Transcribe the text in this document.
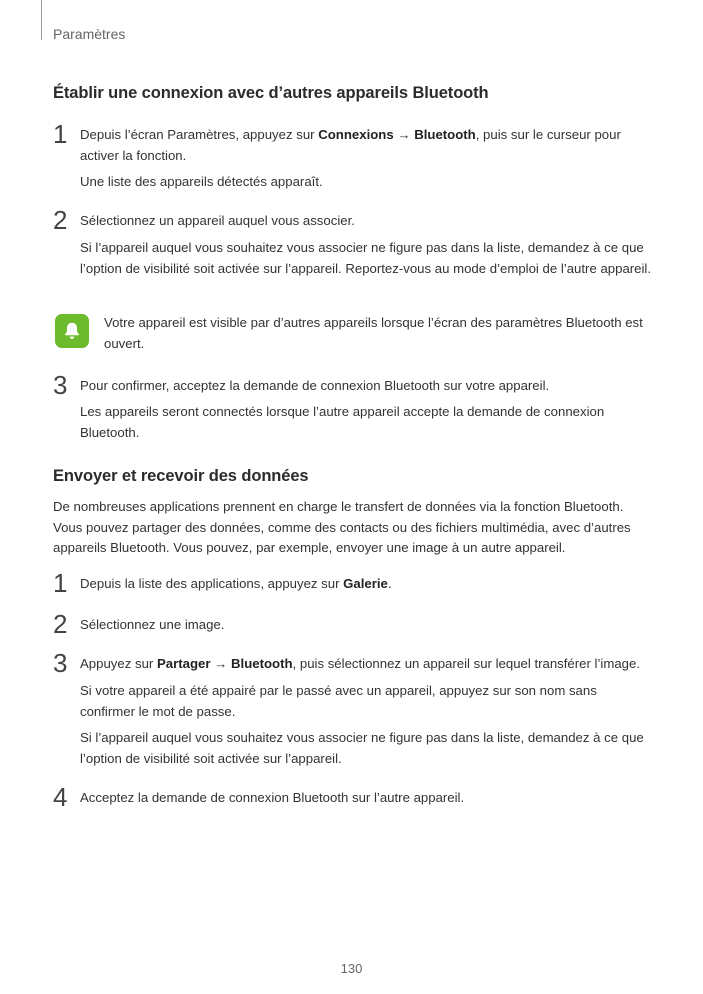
Paramètres
Établir une connexion avec d’autres appareils Bluetooth
1 Depuis l’écran Paramètres, appuyez sur Connexions → Bluetooth, puis sur le curseur pour activer la fonction.
Une liste des appareils détectés apparaît.
2 Sélectionnez un appareil auquel vous associer.
Si l’appareil auquel vous souhaitez vous associer ne figure pas dans la liste, demandez à ce que l’option de visibilité soit activée sur l’appareil. Reportez-vous au mode d’emploi de l’autre appareil.
Votre appareil est visible par d’autres appareils lorsque l’écran des paramètres Bluetooth est ouvert.
3 Pour confirmer, acceptez la demande de connexion Bluetooth sur votre appareil.
Les appareils seront connectés lorsque l’autre appareil accepte la demande de connexion Bluetooth.
Envoyer et recevoir des données
De nombreuses applications prennent en charge le transfert de données via la fonction Bluetooth. Vous pouvez partager des données, comme des contacts ou des fichiers multimédia, avec d’autres appareils Bluetooth. Vous pouvez, par exemple, envoyer une image à un autre appareil.
1 Depuis la liste des applications, appuyez sur Galerie.
2 Sélectionnez une image.
3 Appuyez sur Partager → Bluetooth, puis sélectionnez un appareil sur lequel transférer l’image.
Si votre appareil a été appairé par le passé avec un appareil, appuyez sur son nom sans confirmer le mot de passe.
Si l’appareil auquel vous souhaitez vous associer ne figure pas dans la liste, demandez à ce que l’option de visibilité soit activée sur l’appareil.
4 Acceptez la demande de connexion Bluetooth sur l’autre appareil.
130
